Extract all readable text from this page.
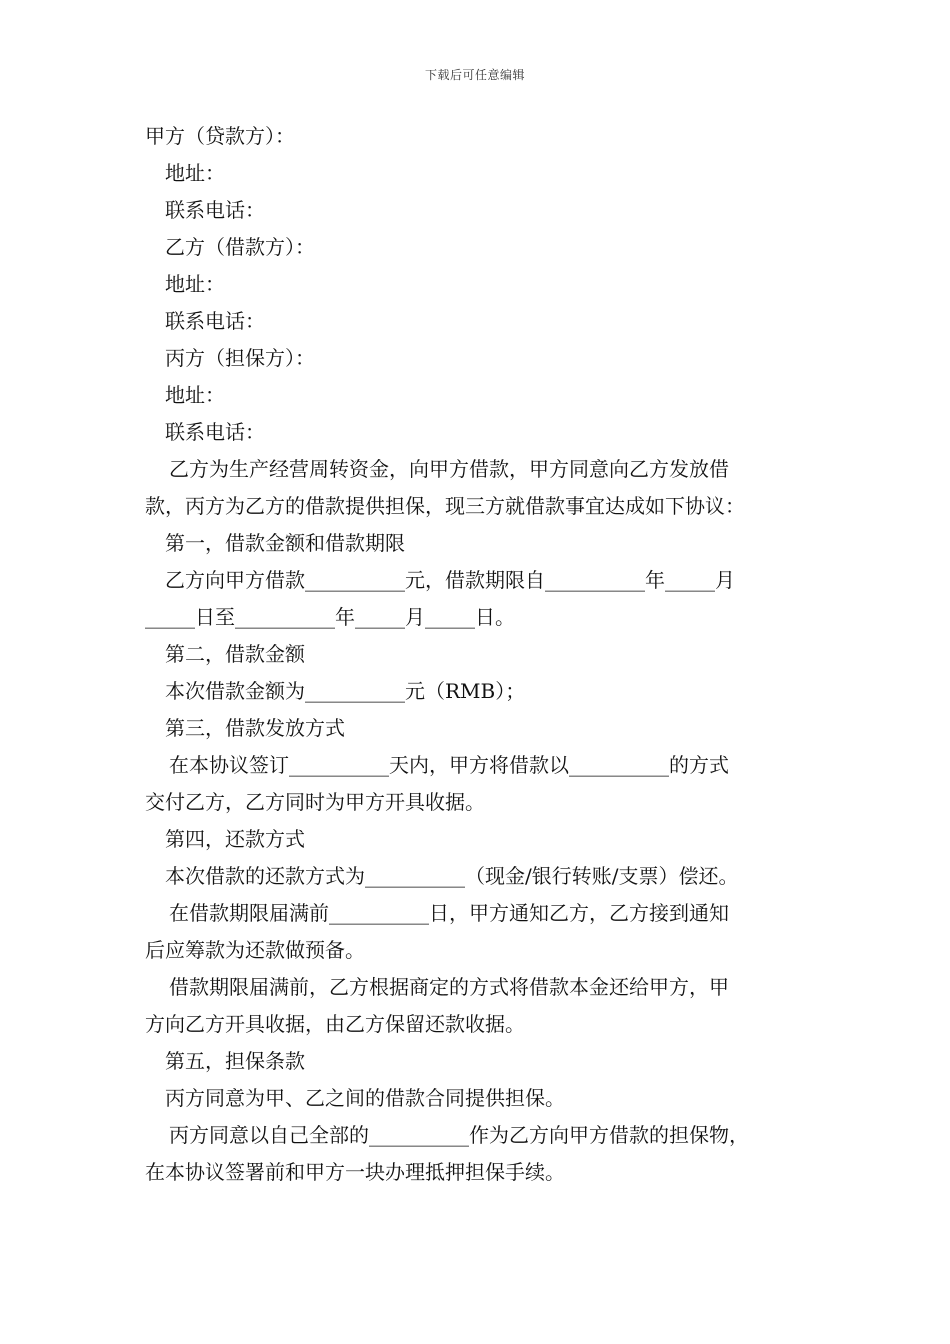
下载后可任意编辑
甲方（贷款方）：
地址：
联系电话：
乙方（借款方）：
地址：
联系电话：
丙方（担保方）：
地址：
联系电话：
乙方为生产经营周转资金，向甲方借款，甲方同意向乙方发放借
款，丙方为乙方的借款提供担保，现三方就借款事宜达成如下协议：
第一，借款金额和借款期限
乙方向甲方借款__________元，借款期限自__________年_____月
_____日至__________年_____月_____日。
第二，借款金额
本次借款金额为__________元（RMB）；
第三，借款发放方式
在本协议签订__________天内，甲方将借款以__________的方式
交付乙方，乙方同时为甲方开具收据。
第四，还款方式
本次借款的还款方式为__________（现金/银行转账/支票）偿还。
在借款期限届满前__________日，甲方通知乙方，乙方接到通知
后应筹款为还款做预备。
借款期限届满前，乙方根据商定的方式将借款本金还给甲方，甲
方向乙方开具收据，由乙方保留还款收据。
第五，担保条款
丙方同意为甲、乙之间的借款合同提供担保。
丙方同意以自己全部的__________作为乙方向甲方借款的担保物，
在本协议签署前和甲方一块办理抵押担保手续。
